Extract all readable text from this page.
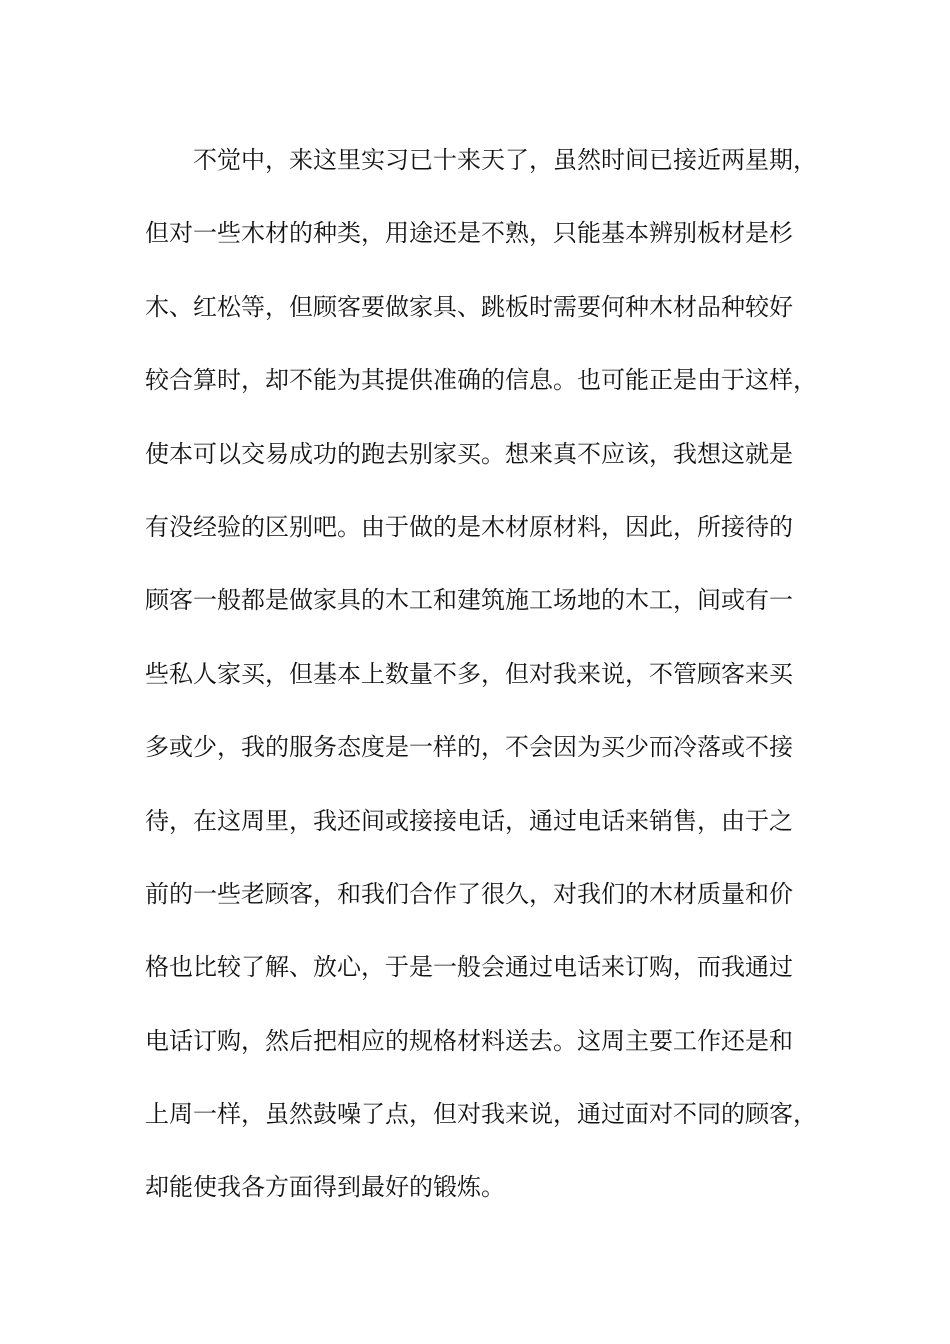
不觉中，来这里实习已十来天了，虽然时间已接近两星期，
但对一些木材的种类，用途还是不熟，只能基本辨别板材是杉
木、红松等，但顾客要做家具、跳板时需要何种木材品种较好
较合算时，却不能为其提供准确的信息。也可能正是由于这样，
使本可以交易成功的跑去别家买。想来真不应该，我想这就是
有没经验的区别吧。由于做的是木材原材料，因此，所接待的
顾客一般都是做家具的木工和建筑施工场地的木工，间或有一
些私人家买，但基本上数量不多，但对我来说，不管顾客来买
多或少，我的服务态度是一样的，不会因为买少而冷落或不接
待，在这周里，我还间或接接电话，通过电话来销售，由于之
前的一些老顾客，和我们合作了很久，对我们的木材质量和价
格也比较了解、放心，于是一般会通过电话来订购，而我通过
电话订购，然后把相应的规格材料送去。这周主要工作还是和
上周一样，虽然鼓噪了点，但对我来说，通过面对不同的顾客，
却能使我各方面得到最好的锻炼。
